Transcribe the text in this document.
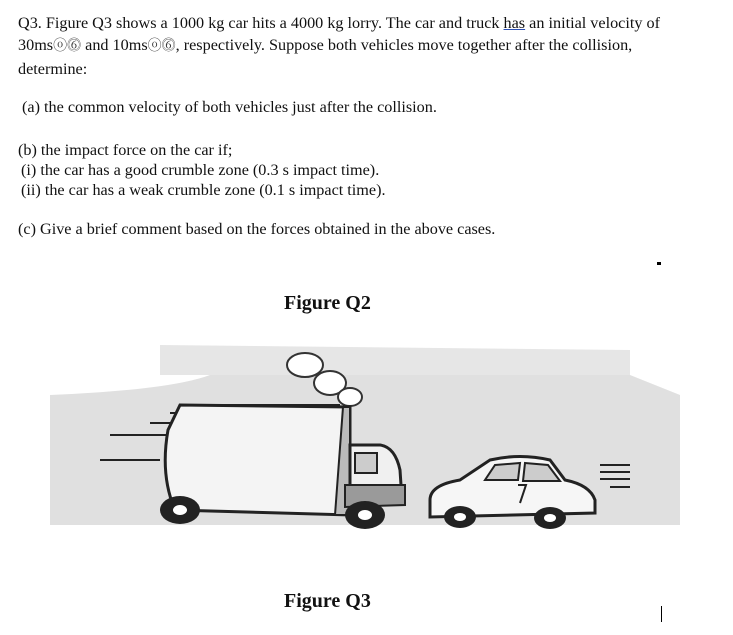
Q3. Figure Q3 shows a 1000 kg car hits a 4000 kg lorry. The car and truck has an initial velocity of

30msⓞ⓺ and 10msⓞ⓺, respectively. Suppose both vehicles move together after the collision,

determine:

(a) the common velocity of both vehicles just after the collision.
(b) the impact force on the car if;
(i) the car has a good crumble zone (0.3 s impact time).
(ii) the car has a weak crumble zone (0.1 s impact time).
(c) Give a brief comment based on the forces obtained in the above cases.
Figure Q2
Figure Q3
